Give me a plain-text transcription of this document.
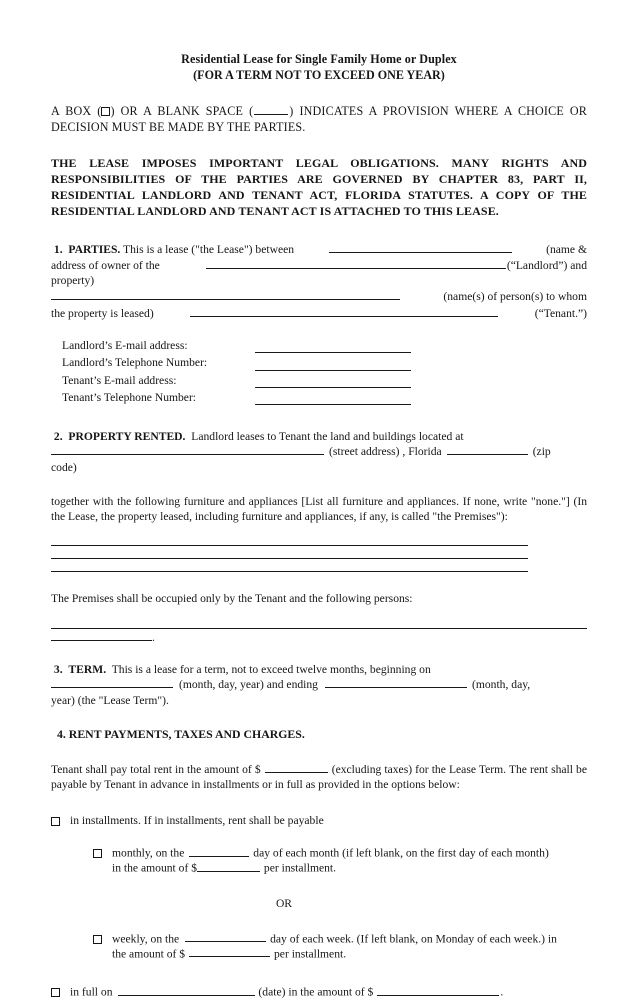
Residential Lease for Single Family Home or Duplex
(FOR A TERM NOT TO EXCEED ONE YEAR)
A BOX ( ) OR A BLANK SPACE (	) INDICATES A PROVISION WHERE A CHOICE OR DECISION MUST BE MADE BY THE PARTIES.
THE LEASE IMPOSES IMPORTANT LEGAL OBLIGATIONS. MANY RIGHTS AND RESPONSIBILITIES OF THE PARTIES ARE GOVERNED BY CHAPTER 83, PART II, RESIDENTIAL LANDLORD AND TENANT ACT, FLORIDA STATUTES. A COPY OF THE RESIDENTIAL LANDLORD AND TENANT ACT IS ATTACHED TO THIS LEASE.
1. PARTIES. This is a lease ("the Lease") between	(name &
address of owner of the property)
(“Landlord”) and
(name(s) of person(s) to whom
the property is leased)	(“Tenant.”)
Landlord’s E-mail address:	

Landlord’s Telephone Number:	

Tenant’s E-mail address:	

Tenant’s Telephone Number:	
2. PROPERTY RENTED. Landlord leases to Tenant the land and buildings located at
(street address) , Florida	(zip
code)
together with the following furniture and appliances [List all furniture and appliances. If none, write "none."] (In the Lease, the property leased, including furniture and appliances, if any, is called "the Premises"):
The Premises shall be occupied only by the Tenant and the following persons:
.
3. TERM. This is a lease for a term, not to exceed twelve months, beginning on
(month, day, year) and ending	(month, day,
year) (the "Lease Term").
4. RENT PAYMENTS, TAXES AND CHARGES.
Tenant shall pay total rent in the amount of $	(excluding taxes) for the Lease Term. The rent shall be payable by Tenant in advance in installments or in full as provided in the options below:
in installments. If in installments, rent shall be payable
monthly, on the	day of each month (if left blank, on the first day of each month)
in the amount of $	per installment.
OR
weekly, on the	day of each week. (If left blank, on Monday of each week.) in
the amount of $	per installment.
in full on	(date) in the amount of $	.
